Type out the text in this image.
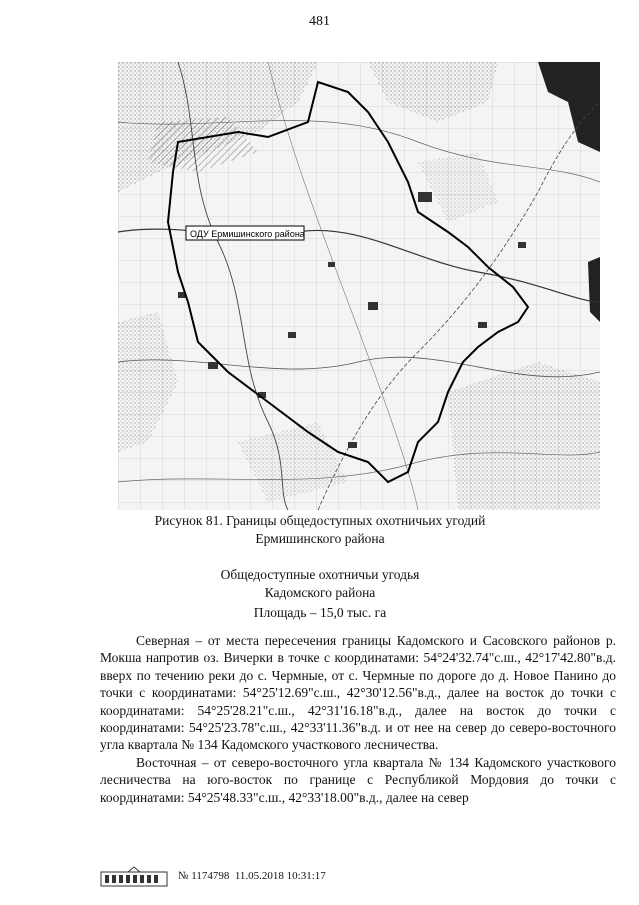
481
ОДУ Ермишинского района
Рисунок 81. Границы общедоступных охотничьих угодий
Ермишинского района
Общедоступные охотничьи угодья
Кадомского района
Площадь – 15,0 тыс. га

Северная – от места пересечения границы Кадомского и Сасовского районов р. Мокша напротив оз. Вичерки в точке с координатами: 54°24'32.74"с.ш., 42°17'42.80"в.д. вверх по течению реки до с. Чермные, от с. Чермные по дороге до д. Новое Панино до точки с координатами: 54°25'12.69"с.ш., 42°30'12.56"в.д., далее на восток до точки с координатами: 54°25'28.21"с.ш., 42°31'16.18"в.д., далее на восток до точки с координатами: 54°25'23.78"с.ш., 42°33'11.36"в.д. и от нее на север до северо-восточного угла квартала № 134 Кадомского участкового лесничества.

Восточная – от северо-восточного угла квартала № 134 Кадомского участкового лесничества на юго-восток по границе с Республикой Мордовия до точки с координатами: 54°25'48.33"с.ш., 42°33'18.00"в.д., далее на север

№ 1174798 11.05.2018 10:31:17
